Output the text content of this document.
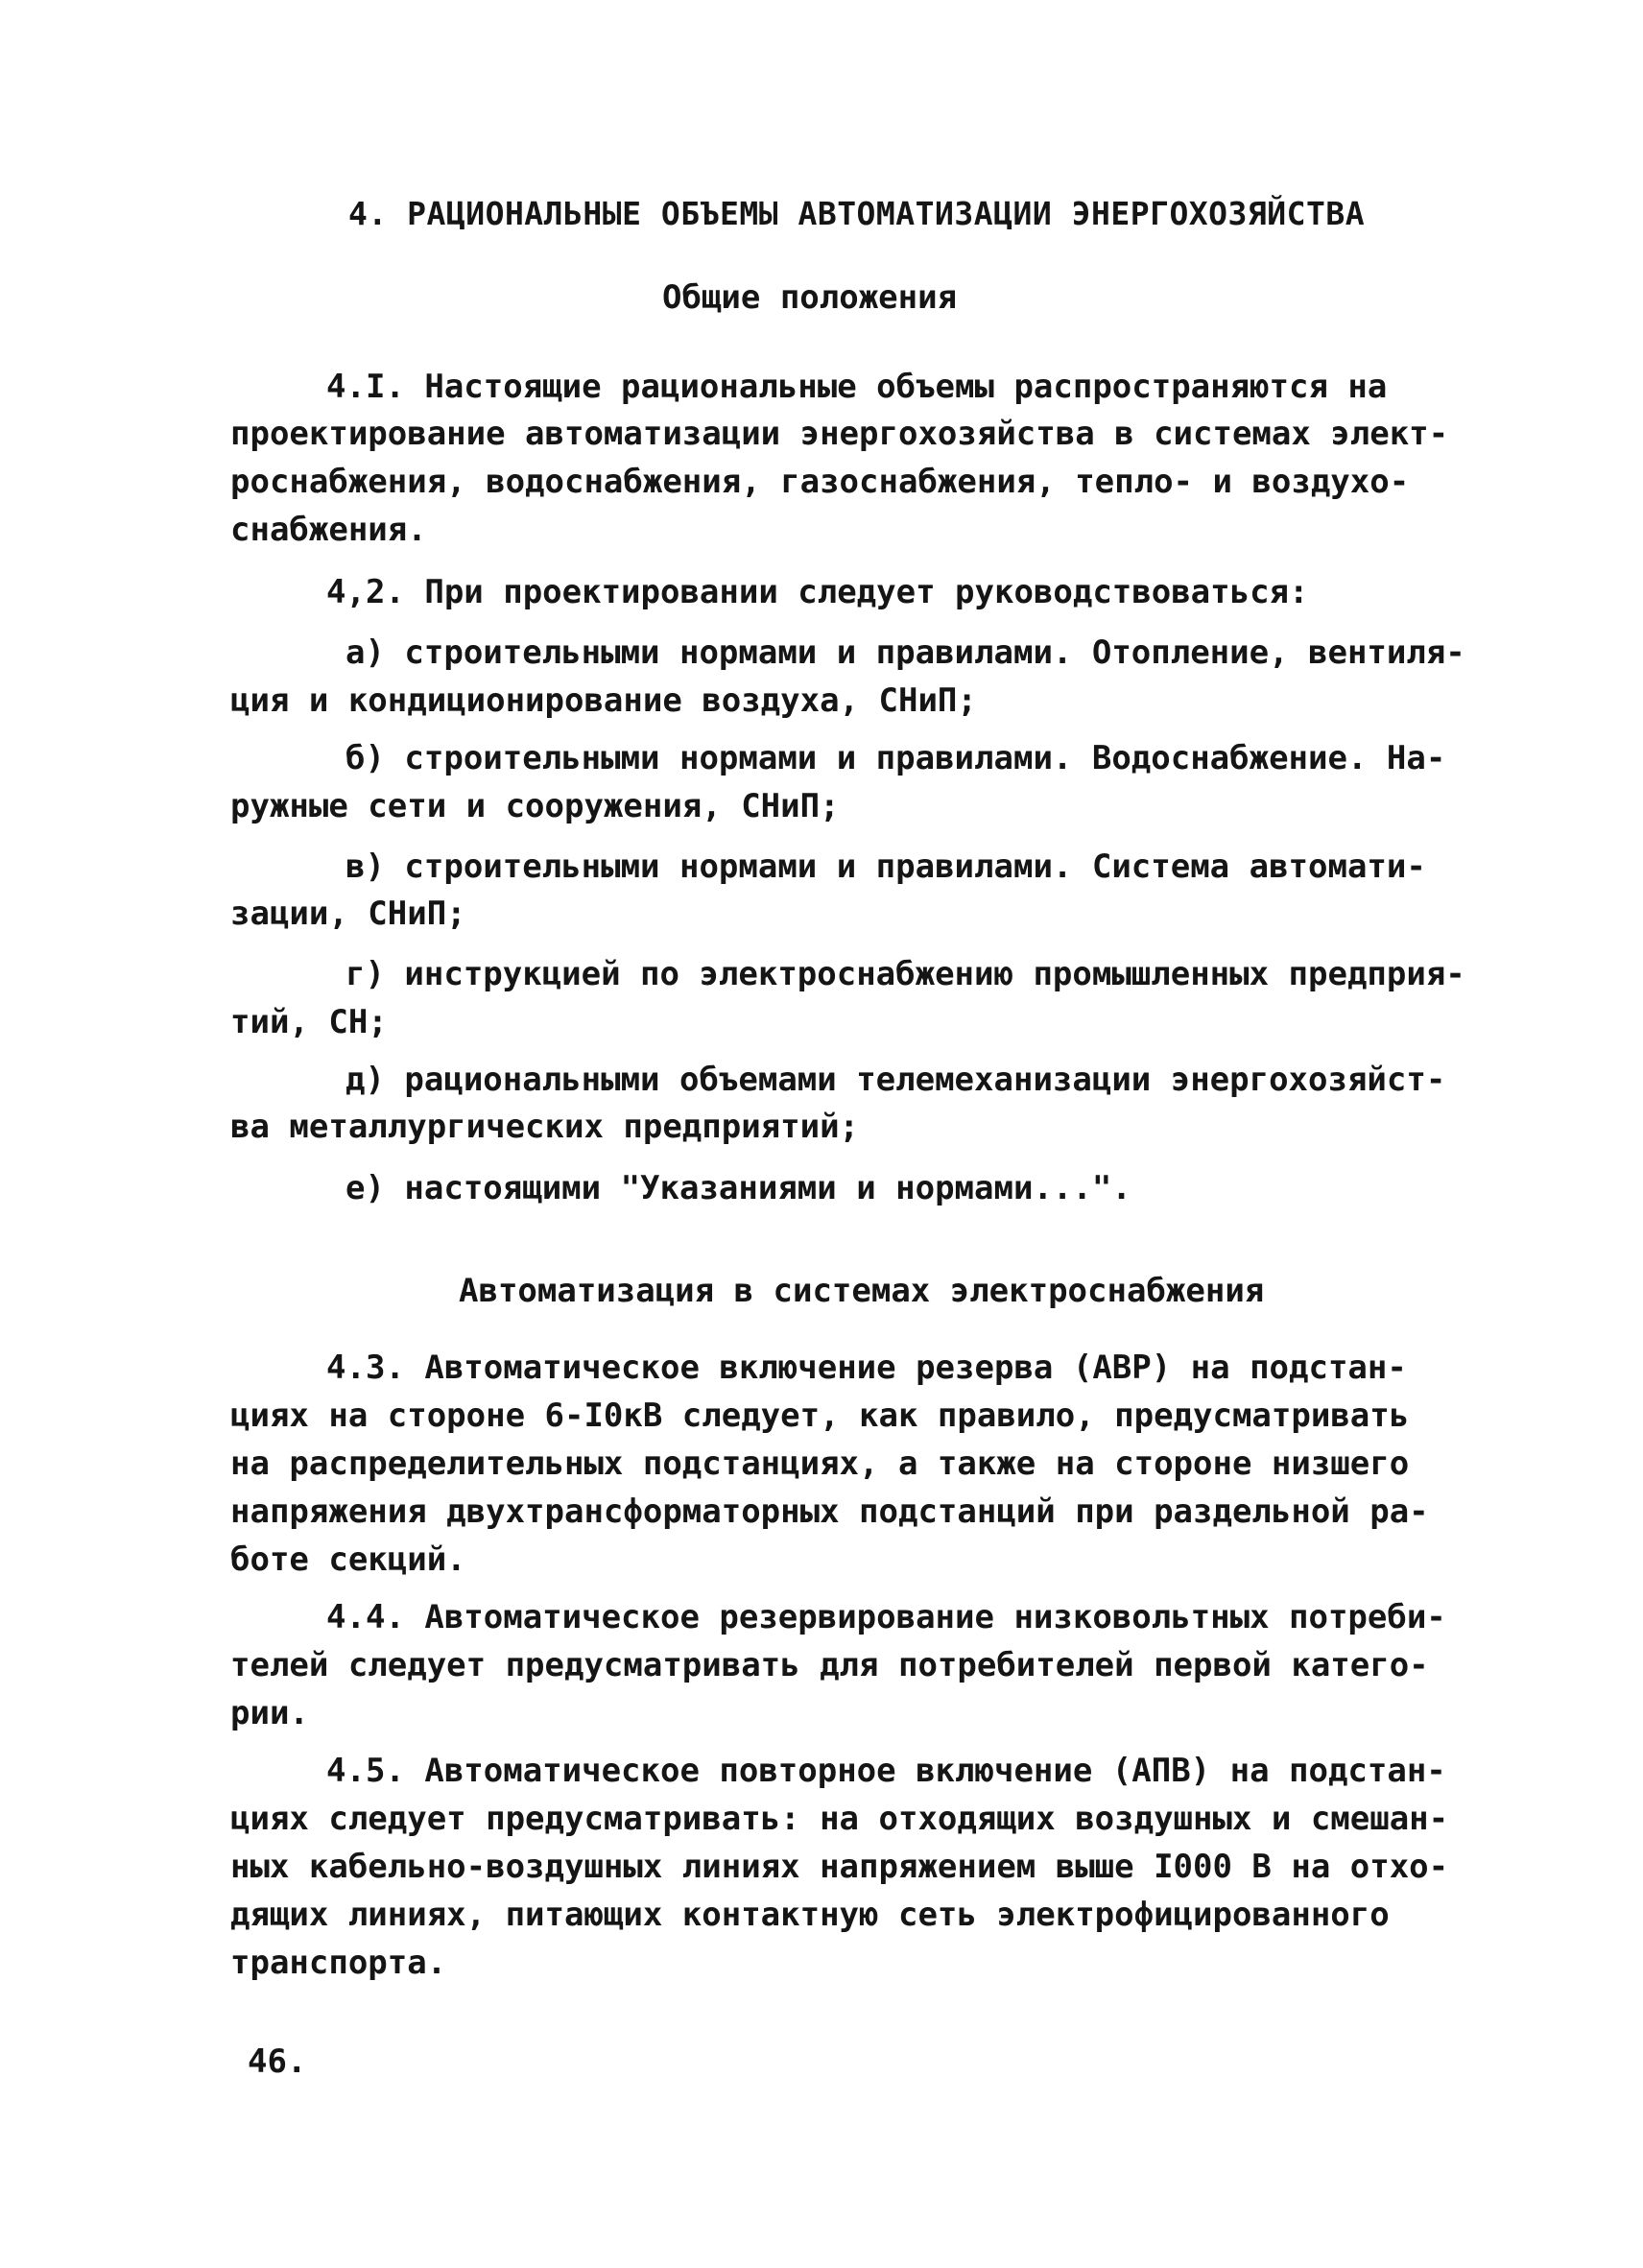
4. РАЦИОНАЛЬНЫЕ ОБЪЕМЫ АВТОМАТИЗАЦИИ ЭНЕРГОХОЗЯЙСТВА

Общие положения

4.I. Настоящие рациональные объемы распространяются на

проектирование автоматизации энергохозяйства в системах элект-

роснабжения, водоснабжения, газоснабжения, тепло- и воздухо-

снабжения.

4,2. При проектировании следует руководствоваться:

а) строительными нормами и правилами. Отопление, вентиля-

ция и кондиционирование воздуха, СНиП;

б) строительными нормами и правилами. Водоснабжение. На-

ружные сети и сооружения, СНиП;

в) строительными нормами и правилами. Система автомати-

зации, СНиП;

г) инструкцией по электроснабжению промышленных предприя-

тий, СН;

д) рациональными объемами телемеханизации энергохозяйст-

ва металлургических предприятий;

е) настоящими "Указаниями и нормами...".

Автоматизация в системах электроснабжения

4.3. Автоматическое включение резерва (АВР) на подстан-

циях на стороне 6-I0кВ следует, как правило, предусматривать

на распределительных подстанциях, а также на стороне низшего

напряжения двухтрансформаторных подстанций при раздельной ра-

боте секций.

4.4. Автоматическое резервирование низковольтных потреби-

телей следует предусматривать для потребителей первой катего-

рии.

4.5. Автоматическое повторное включение (АПВ) на подстан-

циях следует предусматривать: на отходящих воздушных и смешан-

ных кабельно-воздушных линиях напряжением выше I000 В на отхо-

дящих линиях, питающих контактную сеть электрофицированного

транспорта.

46.
